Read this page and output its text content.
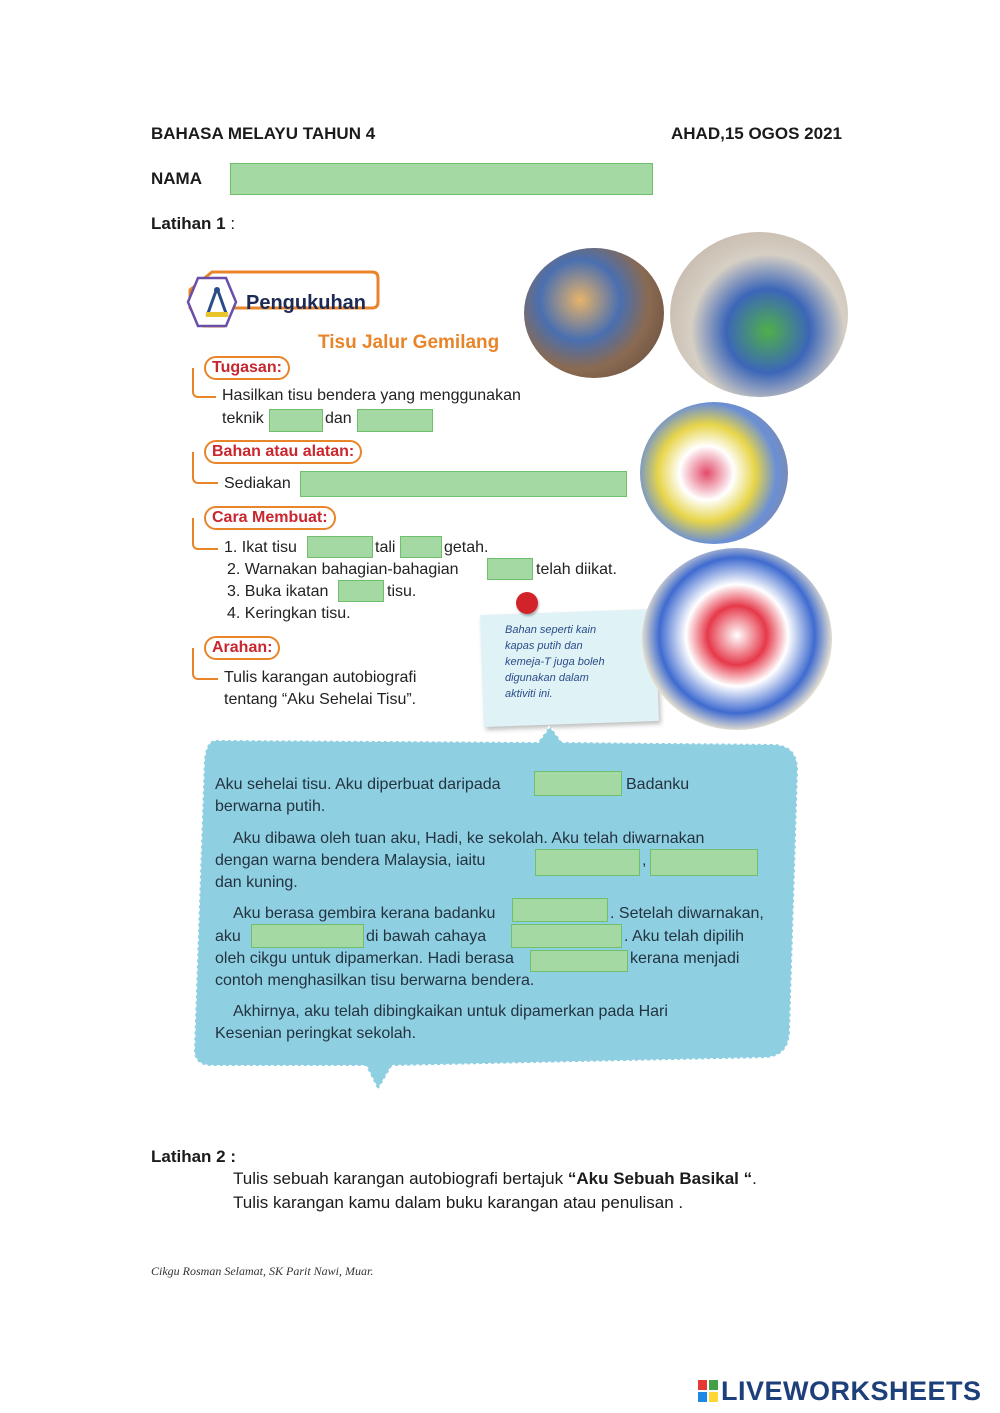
BAHASA MELAYU TAHUN 4	AHAD,15 OGOS 2021
NAMA
Latihan 1 :
Pengukuhan
Tisu Jalur Gemilang
Tugasan:
Hasilkan tisu bendera yang menggunakan
teknik	dan
Bahan atau alatan:
Sediakan
Cara Membuat:
1. Ikat tisu	tali	getah.
2. Warnakan bahagian-bahagian	telah diikat.
3. Buka ikatan	tisu.
4. Keringkan tisu.
Arahan:
Tulis karangan autobiografi
tentang “Aku Sehelai Tisu”.
Bahan seperti kain
kapas putih dan
kemeja-T juga boleh
digunakan dalam
aktiviti ini.
Aku sehelai tisu. Aku diperbuat daripada	Badanku
berwarna putih.
Aku dibawa oleh tuan aku, Hadi, ke sekolah. Aku telah diwarnakan
dengan warna bendera Malaysia, iaitu	,
dan kuning.
Aku berasa gembira kerana badanku	. Setelah diwarnakan,
aku	di bawah cahaya	. Aku telah dipilih
oleh cikgu untuk dipamerkan. Hadi berasa	kerana menjadi
contoh menghasilkan tisu berwarna bendera.
Akhirnya, aku telah dibingkaikan untuk dipamerkan pada Hari
Kesenian peringkat sekolah.
Latihan 2 :
Tulis sebuah karangan autobiografi bertajuk “Aku Sebuah Basikal “.
Tulis karangan kamu dalam buku karangan atau penulisan .
Cikgu Rosman Selamat, SK Parit Nawi, Muar.
LIVEWORKSHEETS
